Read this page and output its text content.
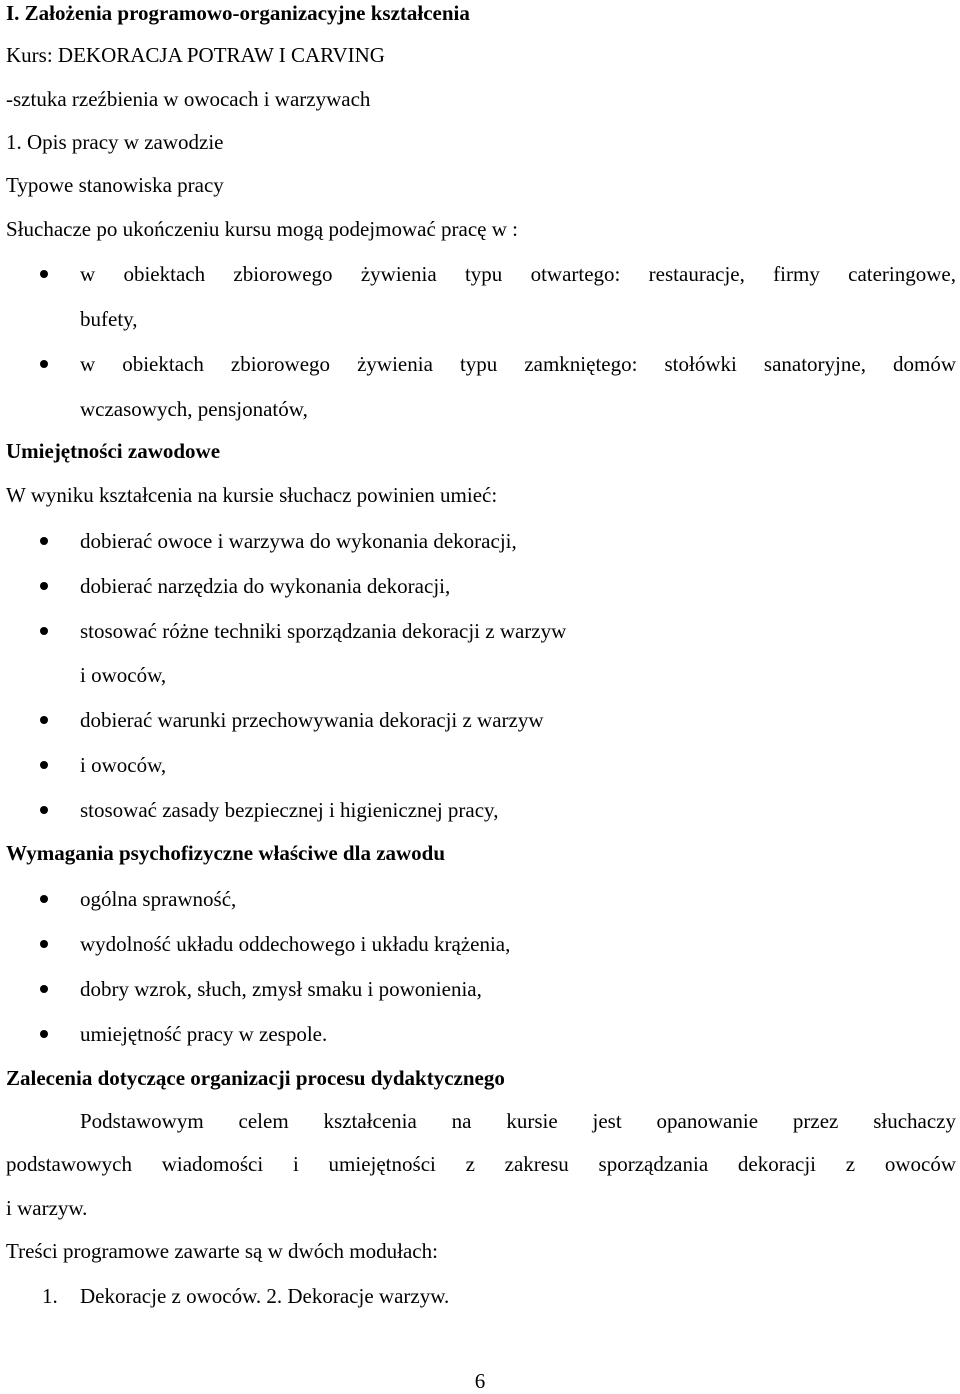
I. Założenia programowo-organizacyjne kształcenia
Kurs: DEKORACJA POTRAW I CARVING
-sztuka rzeźbienia w owocach i warzywach
1. Opis pracy w zawodzie
Typowe stanowiska pracy
Słuchacze po ukończeniu kursu mogą podejmować pracę w :
w obiektach zbiorowego żywienia typu otwartego: restauracje, firmy cateringowe,
bufety,
w obiektach zbiorowego żywienia typu zamkniętego: stołówki sanatoryjne, domów
wczasowych, pensjonatów,
Umiejętności zawodowe
W wyniku kształcenia na kursie słuchacz powinien umieć:
dobierać owoce i warzywa do wykonania dekoracji,
dobierać narzędzia do wykonania dekoracji,
stosować różne techniki sporządzania dekoracji z warzyw
i owoców,
dobierać warunki przechowywania dekoracji z warzyw
i owoców,
stosować zasady bezpiecznej i higienicznej pracy,
Wymagania psychofizyczne właściwe dla zawodu
ogólna sprawność,
wydolność układu oddechowego i układu krążenia,
dobry wzrok, słuch, zmysł smaku i powonienia,
umiejętność pracy w zespole.
Zalecenia dotyczące organizacji procesu dydaktycznego
Podstawowym celem kształcenia na kursie jest opanowanie przez słuchaczy
podstawowych wiadomości i umiejętności z zakresu sporządzania dekoracji z owoców
i warzyw.
Treści programowe zawarte są w dwóch modułach:
1. Dekoracje z owoców. 2. Dekoracje warzyw.
6
